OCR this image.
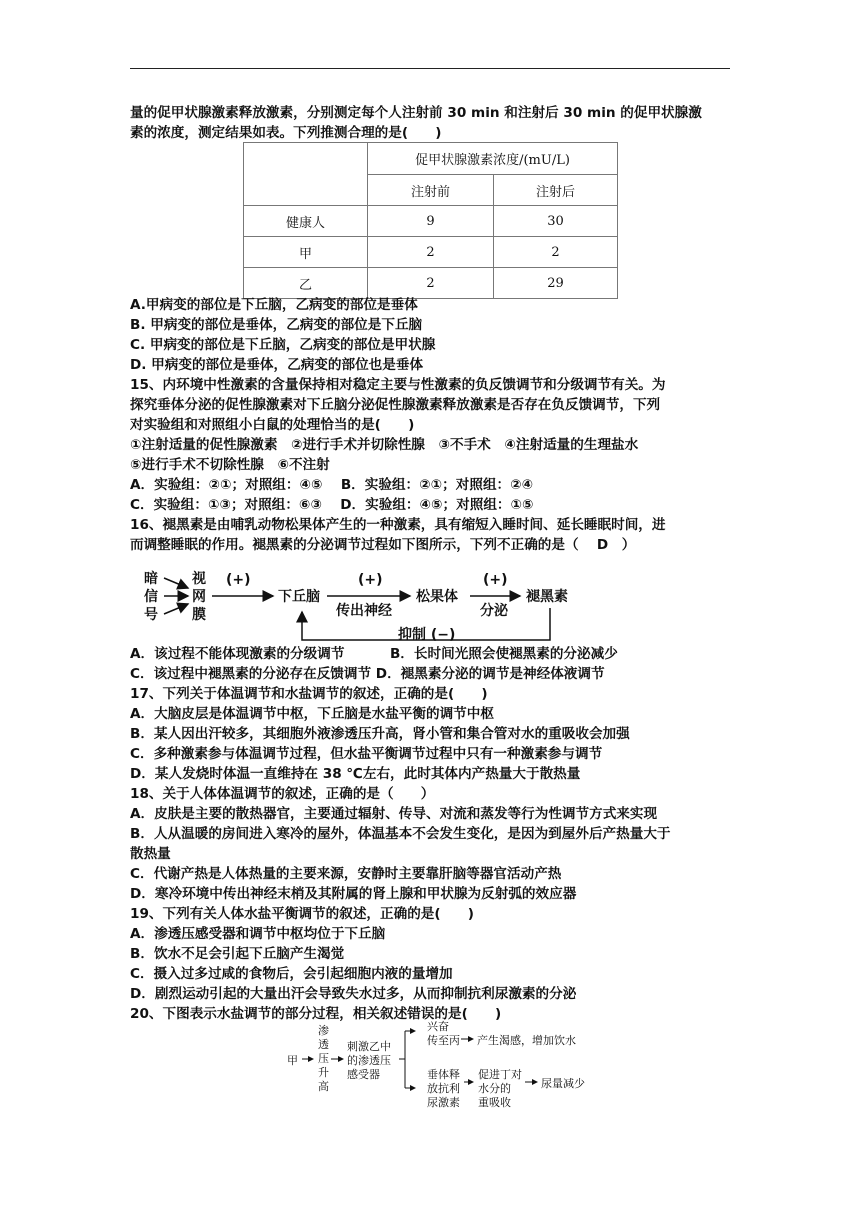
量的促甲状腺激素释放激素，分别测定每个人注射前 30 min 和注射后 30 min 的促甲状腺激
素的浓度，测定结果如表。下列推测合理的是(　　)
	促甲状腺激素浓度/(mU/L)	
	注射前	注射后
健康人	9	30
甲	2	2
乙	2	29
A.甲病变的部位是下丘脑，乙病变的部位是垂体
B. 甲病变的部位是垂体，乙病变的部位是下丘脑
C. 甲病变的部位是下丘脑，乙病变的部位是甲状腺
D. 甲病变的部位是垂体，乙病变的部位也是垂体
15、内环境中性激素的含量保持相对稳定主要与性激素的负反馈调节和分级调节有关。为
探究垂体分泌的促性腺激素对下丘脑分泌促性腺激素释放激素是否存在负反馈调节，下列
对实验组和对照组小白鼠的处理恰当的是(　　)
①注射适量的促性腺激素　②进行手术并切除性腺　③不手术　④注射适量的生理盐水
⑤进行手术不切除性腺　⑥不注射
A．实验组：②①；对照组：④⑤　 B．实验组：②①；对照组：②④
C．实验组：①③；对照组：⑥③　 D．实验组：④⑤；对照组：①⑤
16、褪黑素是由哺乳动物松果体产生的一种激素，具有缩短入睡时间、延长睡眠时间，进
而调整睡眠的作用。褪黑素的分泌调节过程如下图所示，下列不正确的是（　 D　）
暗
信
号
视
网
膜
(+)
下丘脑
(+)
传出神经
松果体
(+)
分泌
褪黑素
抑制 (−)
A．该过程不能体现激素的分级调节　　　 B．长时间光照会使褪黑素的分泌减少
C．该过程中褪黑素的分泌存在反馈调节 D．褪黑素分泌的调节是神经体液调节
17、下列关于体温调节和水盐调节的叙述，正确的是(　　)
A．大脑皮层是体温调节中枢，下丘脑是水盐平衡的调节中枢
B．某人因出汗较多，其细胞外液渗透压升高，肾小管和集合管对水的重吸收会加强
C．多种激素参与体温调节过程，但水盐平衡调节过程中只有一种激素参与调节
D．某人发烧时体温一直维持在 38 ℃左右，此时其体内产热量大于散热量
18、关于人体体温调节的叙述，正确的是（　　）
A．皮肤是主要的散热器官，主要通过辐射、传导、对流和蒸发等行为性调节方式来实现
B．人从温暖的房间进入寒冷的屋外，体温基本不会发生变化，是因为到屋外后产热量大于
散热量
C．代谢产热是人体热量的主要来源，安静时主要靠肝脑等器官活动产热
D．寒冷环境中传出神经末梢及其附属的肾上腺和甲状腺为反射弧的效应器
19、下列有关人体水盐平衡调节的叙述，正确的是(　　)
A．渗透压感受器和调节中枢均位于下丘脑
B．饮水不足会引起下丘脑产生渴觉
C．摄入过多过咸的食物后，会引起细胞内液的量增加
D．剧烈运动引起的大量出汗会导致失水过多，从而抑制抗利尿激素的分泌
20、下图表示水盐调节的部分过程，相关叙述错误的是(　　)
甲
渗
透
压
升
高
刺激乙中
的渗透压
感受器
兴奋
传至丙 产生渴感，增加饮水
垂体释
放抗利
尿激素
促进丁对
水分的
重吸收
尿量减少
